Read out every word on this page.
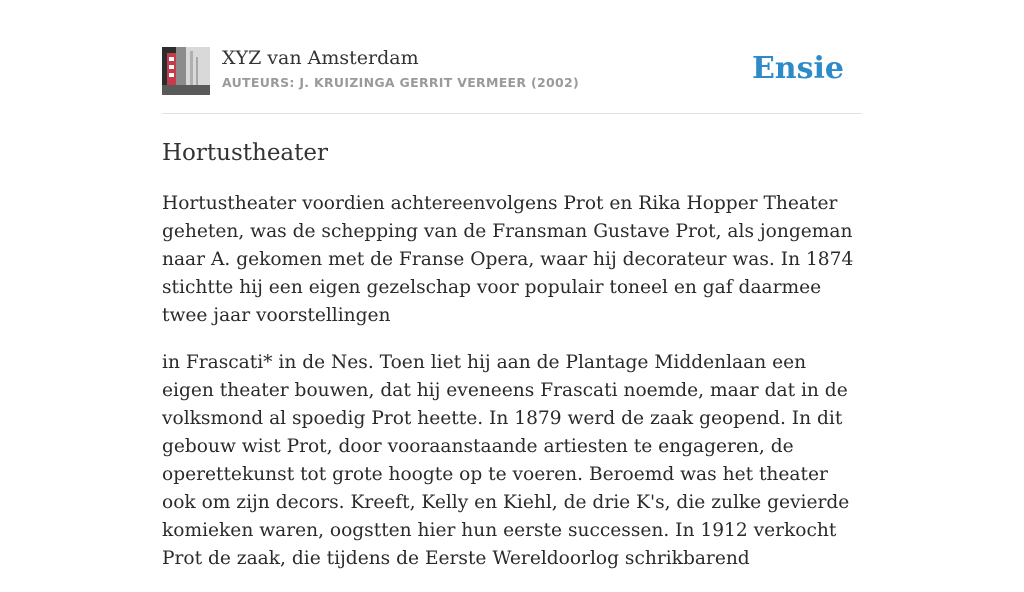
XYZ van Amsterdam
AUTEURS: J. KRUIZINGA GERRIT VERMEER (2002)	Ensie
Hortustheater

Hortustheater voordien achtereenvolgens Prot en Rika Hopper Theater geheten, was de schepping van de Fransman Gustave Prot, als jongeman naar A. gekomen met de Franse Opera, waar hij decorateur was. In 1874 stichtte hij een eigen gezelschap voor populair toneel en gaf daarmee twee jaar voorstellingen

in Frascati* in de Nes. Toen liet hij aan de Plantage Middenlaan een eigen theater bouwen, dat hij eveneens Frascati noemde, maar dat in de volksmond al spoedig Prot heette. In 1879 werd de zaak geopend. In dit gebouw wist Prot, door vooraanstaande artiesten te engageren, de operettekunst tot grote hoogte op te voeren. Beroemd was het theater ook om zijn decors. Kreeft, Kelly en Kiehl, de drie K's, die zulke gevierde komieken waren, oogstten hier hun eerste successen. In 1912 verkocht Prot de zaak, die tijdens de Eerste Wereldoorlog schrikbarend
